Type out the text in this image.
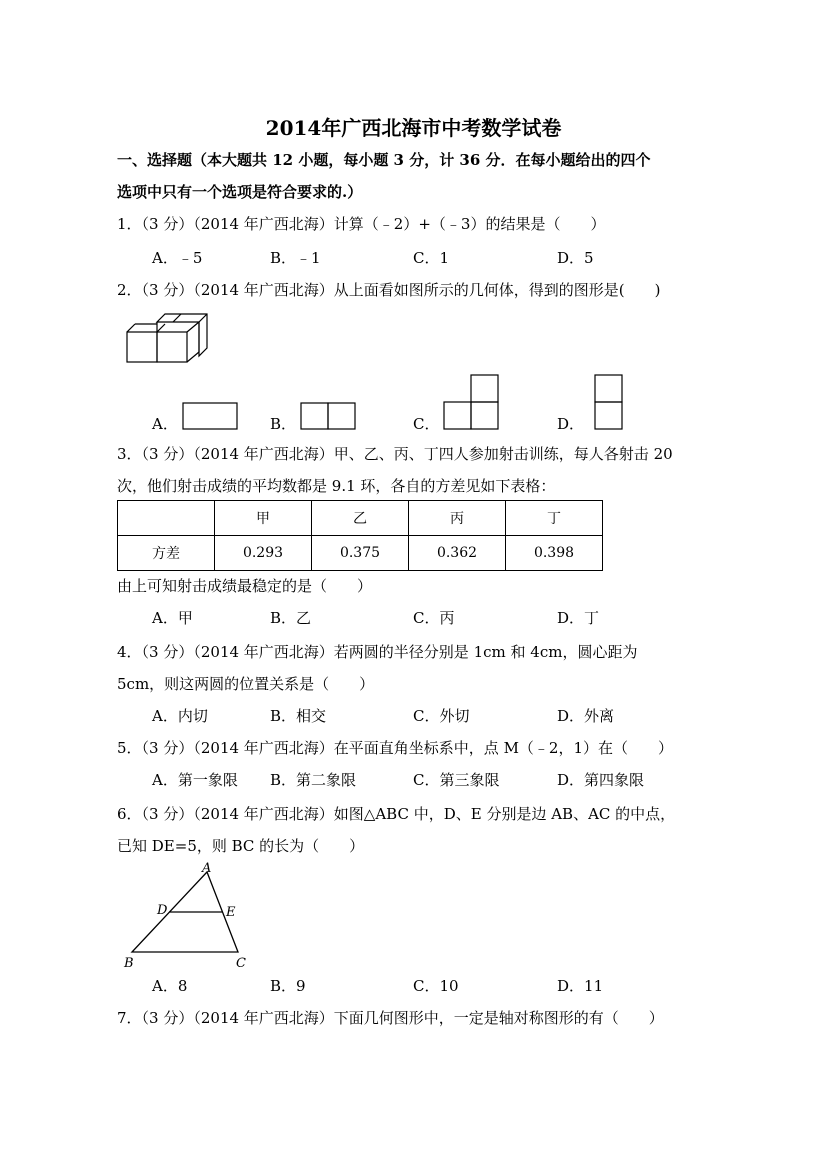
2014年广西北海市中考数学试卷
一、选择题（本大题共 12 小题，每小题 3 分，计 36 分．在每小题给出的四个
选项中只有一个选项是符合要求的.）
1．（3 分）（2014 年广西北海）计算（﹣2）+（﹣3）的结果是（　　）
A．﹣5	B．﹣1	C．1	D．5
2．（3 分）（2014 年广西北海）从上面看如图所示的几何体，得到的图形是(　　)
A．	B．	C．	D．
3．（3 分）（2014 年广西北海）甲、乙、丙、丁四人参加射击训练，每人各射击 20
次，他们射击成绩的平均数都是 9.1 环，各自的方差见如下表格：
	甲	乙	丙	丁
方差	0.293	0.375	0.362	0.398
由上可知射击成绩最稳定的是（　　）
A．甲	B．乙	C．丙	D．丁
4．（3 分）（2014 年广西北海）若两圆的半径分别是 1cm 和 4cm，圆心距为
5cm，则这两圆的位置关系是（　　）
A．内切	B．相交	C．外切	D．外离
5．（3 分）（2014 年广西北海）在平面直角坐标系中，点 M（﹣2，1）在（　　）
A．第一象限 B．第二象限	C．第三象限	D．第四象限
6．（3 分）（2014 年广西北海）如图△ABC 中，D、E 分别是边 AB、AC 的中点，
已知 DE=5，则 BC 的长为（　　）
A
D	E
B	C
A．8	B．9	C．10	D．11
7．（3 分）（2014 年广西北海）下面几何图形中，一定是轴对称图形的有（　　）
